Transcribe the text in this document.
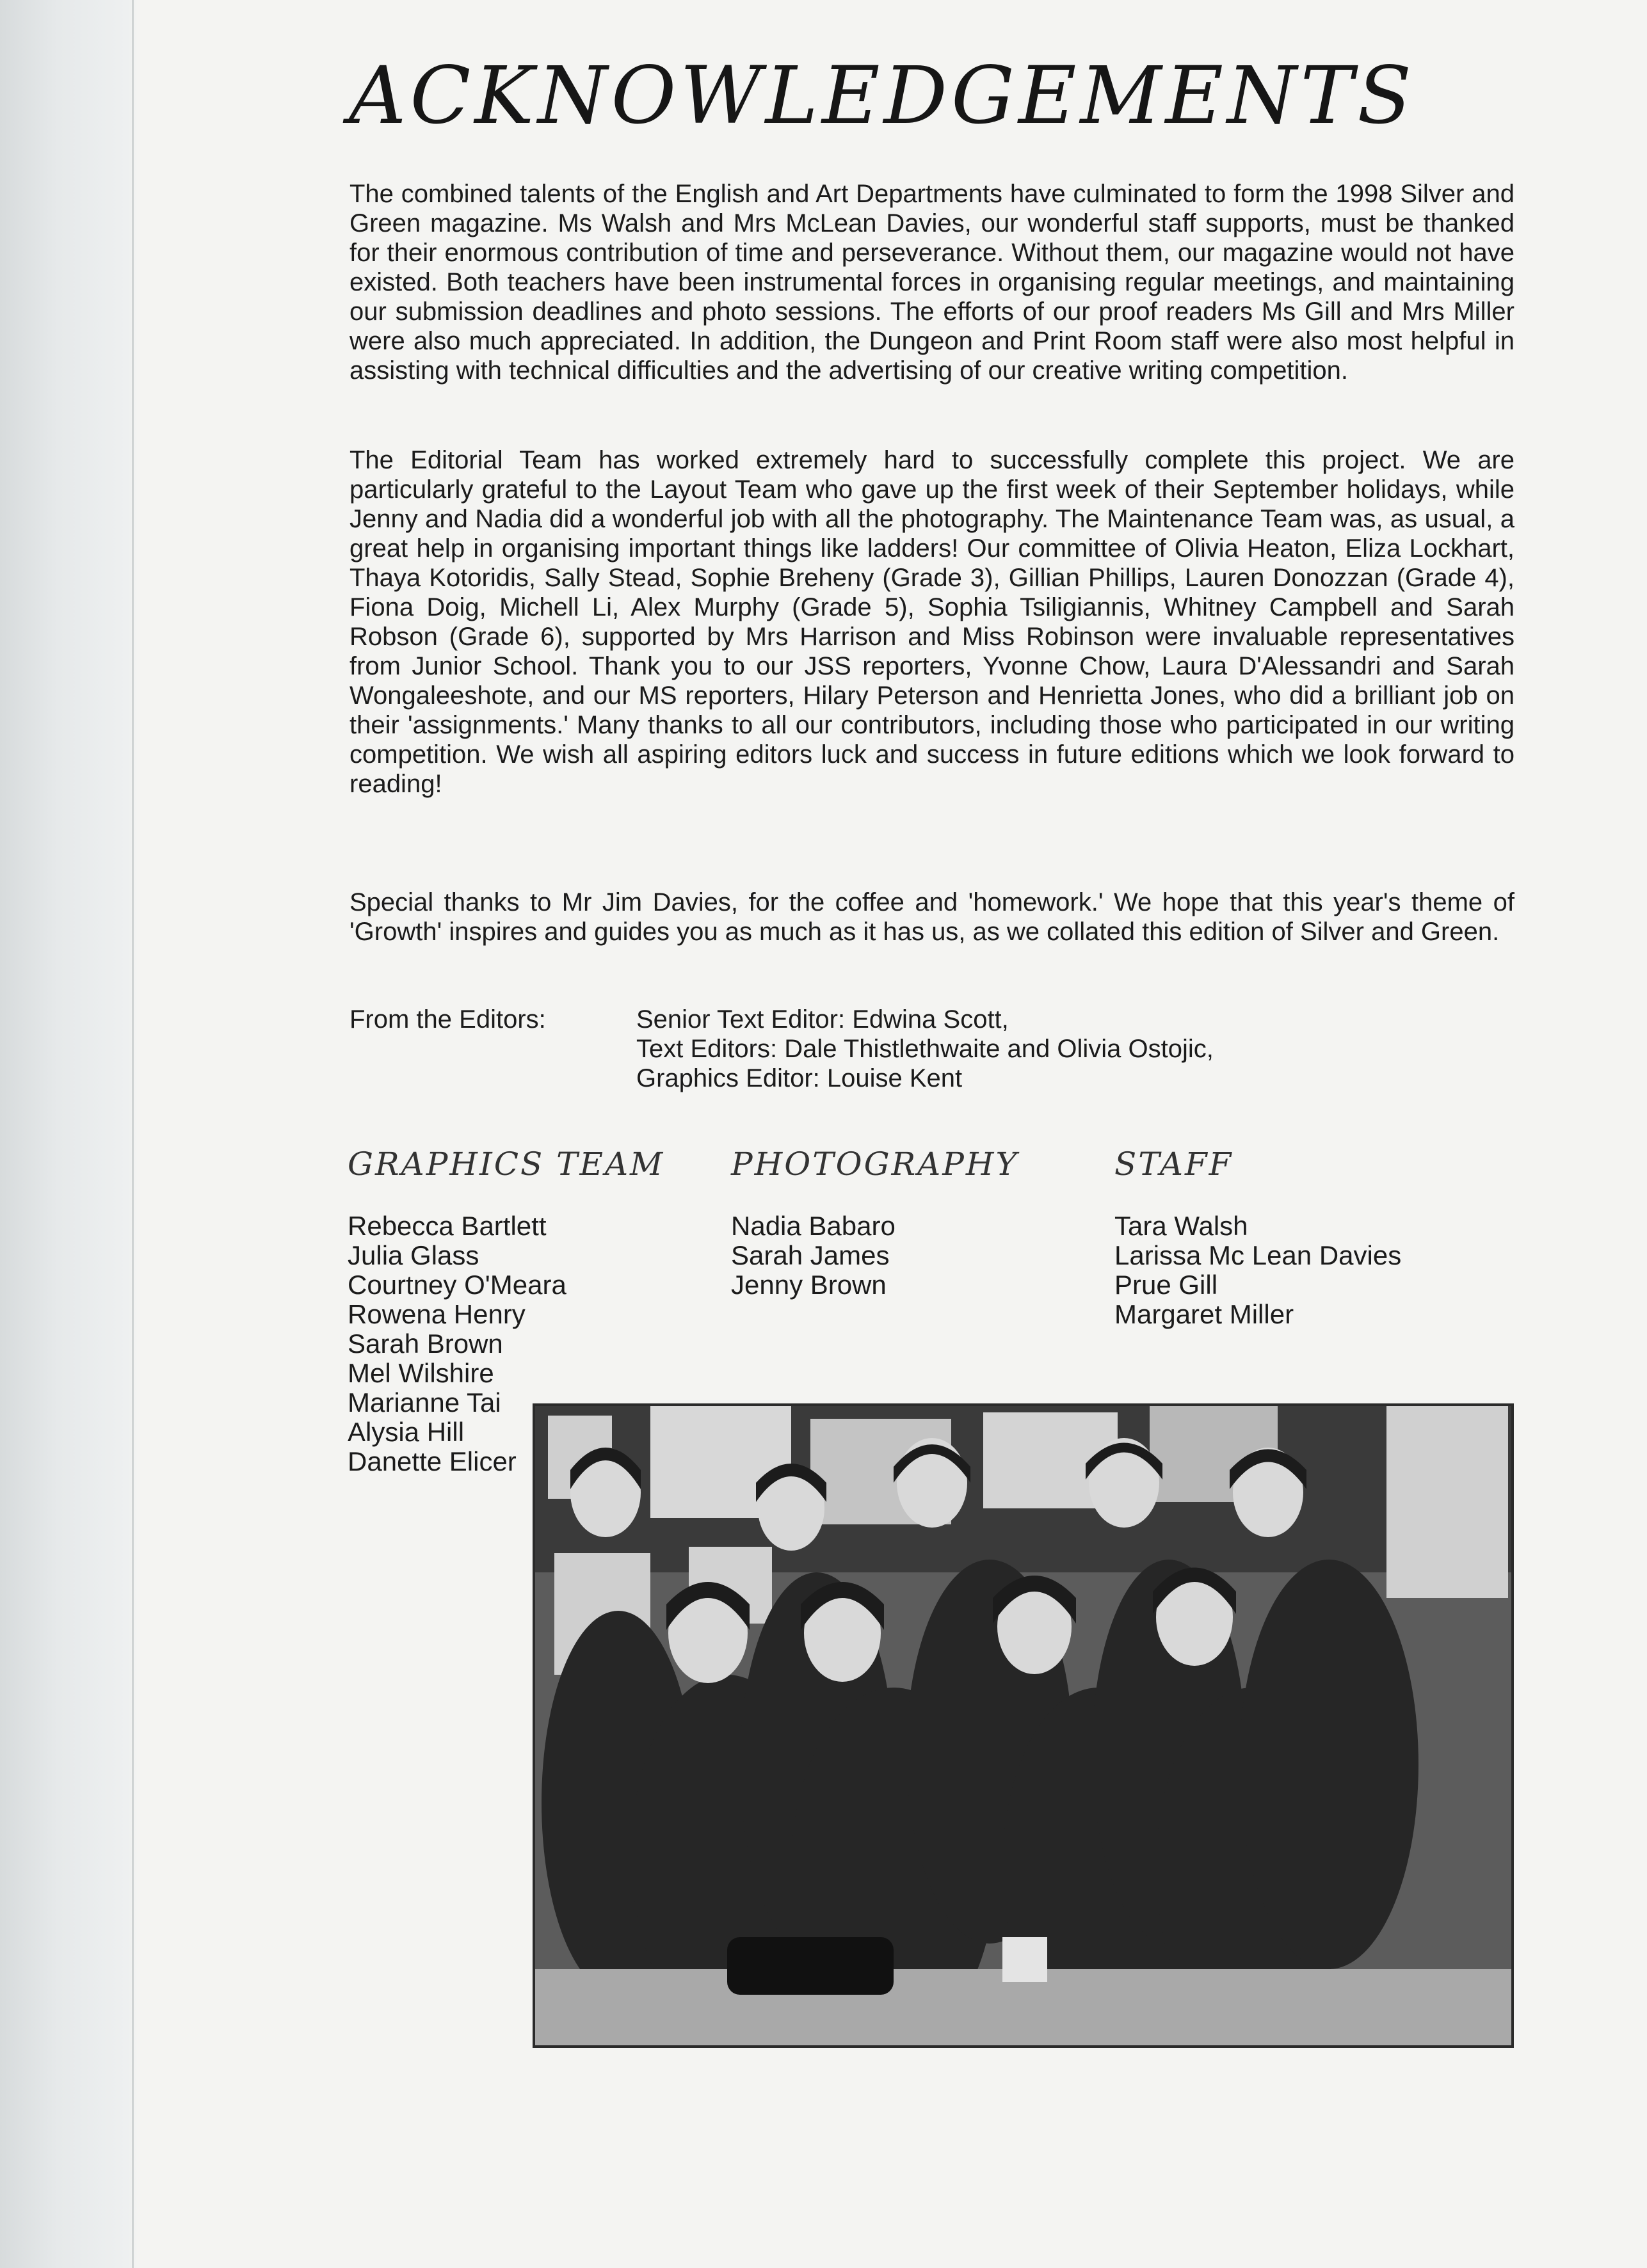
ACKNOWLEDGEMENTS

The combined talents of the English and Art Departments have culminated to form the 1998 Silver and Green magazine. Ms Walsh and Mrs McLean Davies, our wonderful staff supports, must be thanked for their enormous contribution of time and perseverance. Without them, our magazine would not have existed. Both teachers have been instrumental forces in organising regular meetings, and maintaining our submission deadlines and photo sessions. The efforts of our proof readers Ms Gill and Mrs Miller were also much appreciated. In addition, the Dungeon and Print Room staff were also most helpful in assisting with technical difficulties and the advertising of our creative writing competition.

The Editorial Team has worked extremely hard to successfully complete this project. We are particularly grateful to the Layout Team who gave up the first week of their September holidays, while Jenny and Nadia did a wonderful job with all the photography. The Maintenance Team was, as usual, a great help in organising important things like ladders! Our committee of Olivia Heaton, Eliza Lockhart, Thaya Kotoridis, Sally Stead, Sophie Breheny (Grade 3), Gillian Phillips, Lauren Donozzan (Grade 4), Fiona Doig, Michell Li, Alex Murphy (Grade 5), Sophia Tsiligiannis, Whitney Campbell and Sarah Robson (Grade 6), supported by Mrs Harrison and Miss Robinson were invaluable representatives from Junior School. Thank you to our JSS reporters, Yvonne Chow, Laura D'Alessandri and Sarah Wongaleeshote, and our MS reporters, Hilary Peterson and Henrietta Jones, who did a brilliant job on their 'assignments.' Many thanks to all our contributors, including those who participated in our writing competition. We wish all aspiring editors luck and success in future editions which we look forward to reading!

Special thanks to Mr Jim Davies, for the coffee and 'homework.' We hope that this year's theme of 'Growth' inspires and guides you as much as it has us, as we collated this edition of Silver and Green.

From the Editors:	Senior Text Editor: Edwina Scott,
Text Editors: Dale Thistlethwaite and Olivia Ostojic,
Graphics Editor: Louise Kent
GRAPHICS TEAM PHOTOGRAPHY	STAFF
Rebecca Bartlett
Julia Glass
Courtney O'Meara
Rowena Henry
Sarah Brown
Mel Wilshire
Marianne Tai
Alysia Hill
Danette Elicer
Nadia Babaro
Sarah James
Jenny Brown
Tara Walsh
Larissa Mc Lean Davies
Prue Gill
Margaret Miller
